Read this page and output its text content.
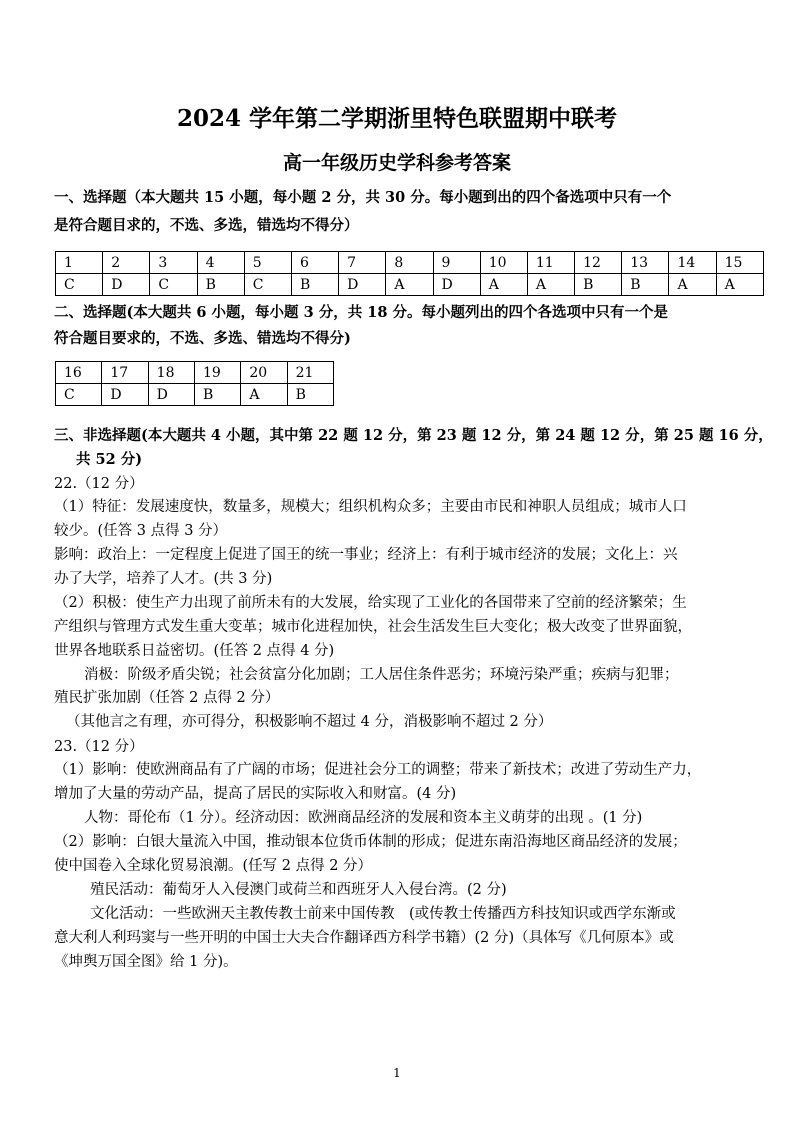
2024 学年第二学期浙里特色联盟期中联考
高一年级历史学科参考答案
一、选择题（本大题共 15 小题，每小题 2 分，共 30 分。每小题到出的四个备选项中只有一个
是符合题目求的，不选、多选，错选均不得分）
1	2	3	4	5	6	7	8	9	10	11	12	13	14	15
C	D	C	B	C	B	D	A	D	A	A	B	B	A	A
二、选择题(本大题共 6 小题，每小题 3 分，共 18 分。每小题列出的四个各选项中只有一个是
符合题目要求的，不选、多选、错选均不得分)
16	17	18	19	20	21
C	D	D	B	A	B
三、非选择题(本大题共 4 小题，其中第 22 题 12 分，第 23 题 12 分，第 24 题 12 分，第 25 题 16 分，
共 52 分)
22.（12 分）
（1）特征：发展速度快，数量多，规模大；组织机构众多；主要由市民和神职人员组成；城市人口
较少。(任答 3 点得 3 分）
影响：政治上：一定程度上促进了国王的统一事业；经济上：有利于城市经济的发展；文化上：兴
办了大学，培养了人才。(共 3 分)
（2）积极：使生产力出现了前所未有的大发展，给实现了工业化的各国带来了空前的经济繁荣；生
产组织与管理方式发生重大变革；城市化进程加快，社会生活发生巨大变化；极大改变了世界面貌，
世界各地联系日益密切。(任答 2 点得 4 分)
消极：阶级矛盾尖锐；社会贫富分化加剧；工人居住条件恶劣；环境污染严重；疾病与犯罪；
殖民扩张加剧（任答 2 点得 2 分）
（其他言之有理，亦可得分，积极影响不超过 4 分，消极影响不超过 2 分）
23.（12 分）
（1）影响：使欧洲商品有了广阔的市场；促进社会分工的调整；带来了新技术；改进了劳动生产力，
增加了大量的劳动产品，提高了居民的实际收入和财富。(4 分)
人物：哥伦布（1 分）。经济动因：欧洲商品经济的发展和资本主义萌芽的出现 。(1 分)
（2）影响：白银大量流入中国，推动银本位货币体制的形成；促进东南沿海地区商品经济的发展；
使中国卷入全球化贸易浪潮。(任写 2 点得 2 分）
殖民活动：葡萄牙人入侵澳门或荷兰和西班牙人入侵台湾。(2 分)
文化活动：一些欧洲天主教传教士前来中国传教　(或传教士传播西方科技知识或西学东渐或
意大利人利玛窦与一些开明的中国士大夫合作翻译西方科学书籍）(2 分)（具体写《几何原本》或
《坤舆万国全图》给 1 分)。
1
